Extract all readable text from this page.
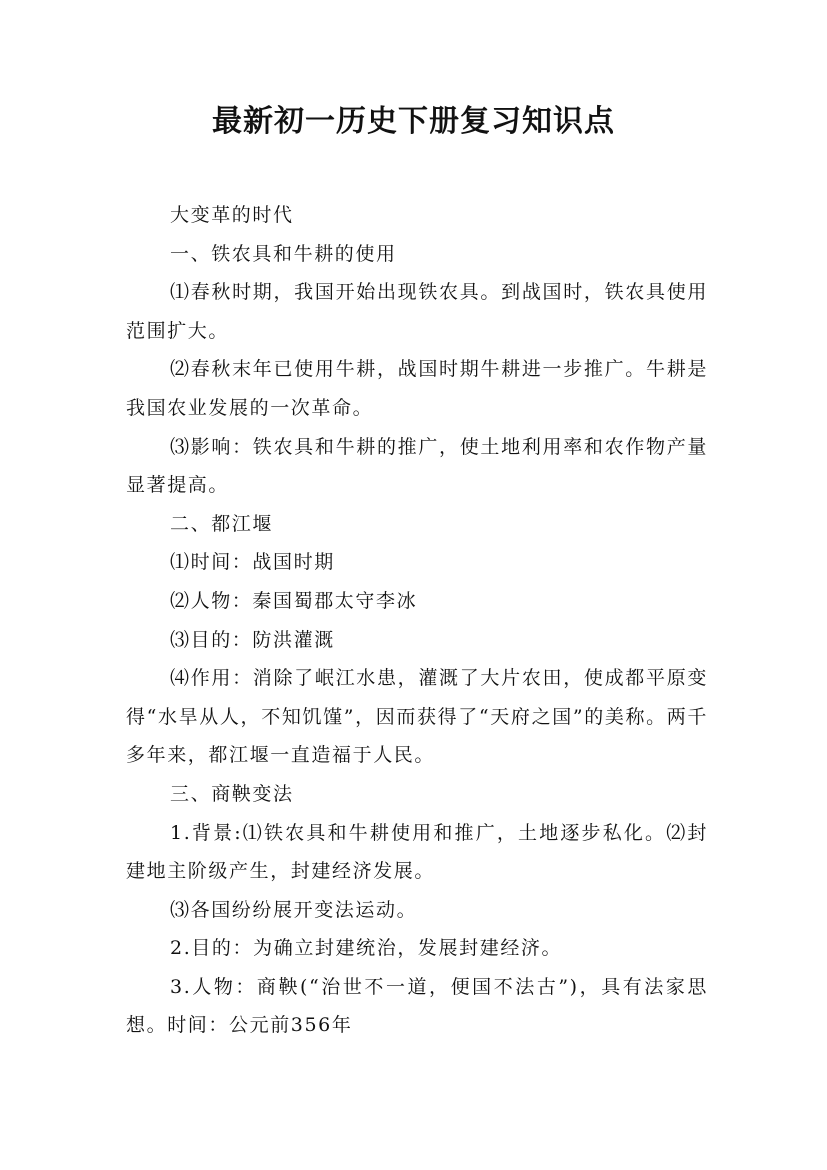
最新初一历史下册复习知识点

大变革的时代

一、铁农具和牛耕的使用

⑴春秋时期，我国开始出现铁农具。到战国时，铁农具使用范围扩大。

⑵春秋末年已使用牛耕，战国时期牛耕进一步推广。牛耕是我国农业发展的一次革命。

⑶影响：铁农具和牛耕的推广，使土地利用率和农作物产量显著提高。

二、都江堰

⑴时间：战国时期

⑵人物：秦国蜀郡太守李冰

⑶目的：防洪灌溉

⑷作用：消除了岷江水患，灌溉了大片农田，使成都平原变得“水旱从人，不知饥馑”，因而获得了“天府之国”的美称。两千多年来，都江堰一直造福于人民。

三、商鞅变法

1.背景:⑴铁农具和牛耕使用和推广，土地逐步私化。⑵封建地主阶级产生，封建经济发展。

⑶各国纷纷展开变法运动。

2.目的：为确立封建统治，发展封建经济。

3.人物：商鞅(“治世不一道，便国不法古”)，具有法家思想。时间：公元前356年
